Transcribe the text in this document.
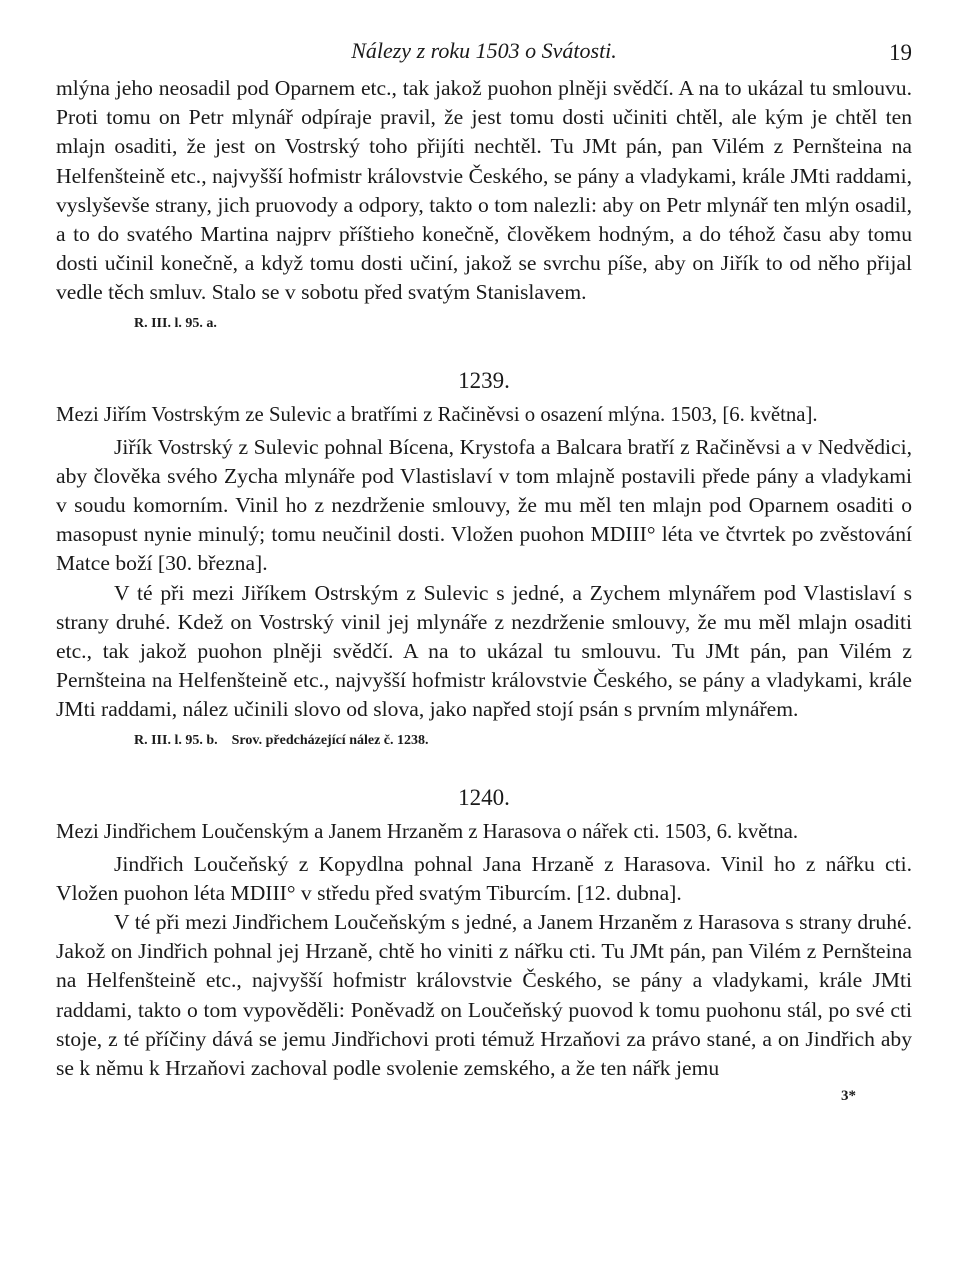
Nálezy z roku 1503 o Svátosti.	19

mlýna jeho neosadil pod Oparnem etc., tak jakož puohon plněji svědčí. A na to ukázal tu smlouvu. Proti tomu on Petr mlynář odpíraje pravil, že jest tomu dosti učiniti chtěl, ale kým je chtěl ten mlajn osaditi, že jest on Vostrský toho přijíti nechtěl. Tu JMt pán, pan Vilém z Pernšteina na Helfenšteině etc., najvyšší hofmistr královstvie Českého, se pány a vladykami, krále JMti raddami, vyslyševše strany, jich pruovody a odpory, takto o tom nalezli: aby on Petr mlynář ten mlýn osadil, a to do svatého Martina najprv příštieho konečně, člověkem hodným, a do téhož času aby tomu dosti učinil konečně, a když tomu dosti učiní, jakož se svrchu píše, aby on Jiřík to od něho přijal vedle těch smluv. Stalo se v sobotu před svatým Stanislavem.

R. III. l. 95. a.
1239.
Mezi Jiřím Vostrským ze Sulevic a bratřími z Račiněvsi o osazení mlýna. 1503, [6. května].

Jiřík Vostrský z Sulevic pohnal Bícena, Krystofa a Balcara bratří z Račiněvsi a v Nedvědici, aby člověka svého Zycha mlynáře pod Vlastislaví v tom mlajně postavili přede pány a vladykami v soudu komorním. Vinil ho z nezdrženie smlouvy, že mu měl ten mlajn pod Oparnem osaditi o masopust nynie minulý; tomu neučinil dosti. Vložen puohon MDIII° léta ve čtvrtek po zvěstování Matce boží [30. března].

V té při mezi Jiříkem Ostrským z Sulevic s jedné, a Zychem mlynářem pod Vlastislaví s strany druhé. Kdež on Vostrský vinil jej mlynáře z nezdrženie smlouvy, že mu měl mlajn osaditi etc., tak jakož puohon plněji svědčí. A na to ukázal tu smlouvu. Tu JMt pán, pan Vilém z Pernšteina na Helfenšteině etc., najvyšší hofmistr královstvie Českého, se pány a vladykami, krále JMti raddami, nález učinili slovo od slova, jako napřed stojí psán s prvním mlynářem.

R. III. l. 95. b. Srov. předcházející nález č. 1238.
1240.
Mezi Jindřichem Loučenským a Janem Hrzaněm z Harasova o nářek cti. 1503, 6. května.

Jindřich Loučeňský z Kopydlna pohnal Jana Hrzaně z Harasova. Vinil ho z nářku cti. Vložen puohon léta MDIII° v středu před svatým Tiburcím. [12. dubna].

V té při mezi Jindřichem Loučeňským s jedné, a Janem Hrzaněm z Harasova s strany druhé. Jakož on Jindřich pohnal jej Hrzaně, chtě ho viniti z nářku cti. Tu JMt pán, pan Vilém z Pernšteina na Helfenšteině etc., najvyšší hofmistr královstvie Českého, se pány a vladykami, krále JMti raddami, takto o tom vypověděli: Poněvadž on Loučeňský puovod k tomu puohonu stál, po své cti stoje, z té příčiny dává se jemu Jindřichovi proti témuž Hrzaňovi za právo stané, a on Jindřich aby se k němu k Hrzaňovi zachoval podle svolenie zemského, a že ten nářk jemu

3*
